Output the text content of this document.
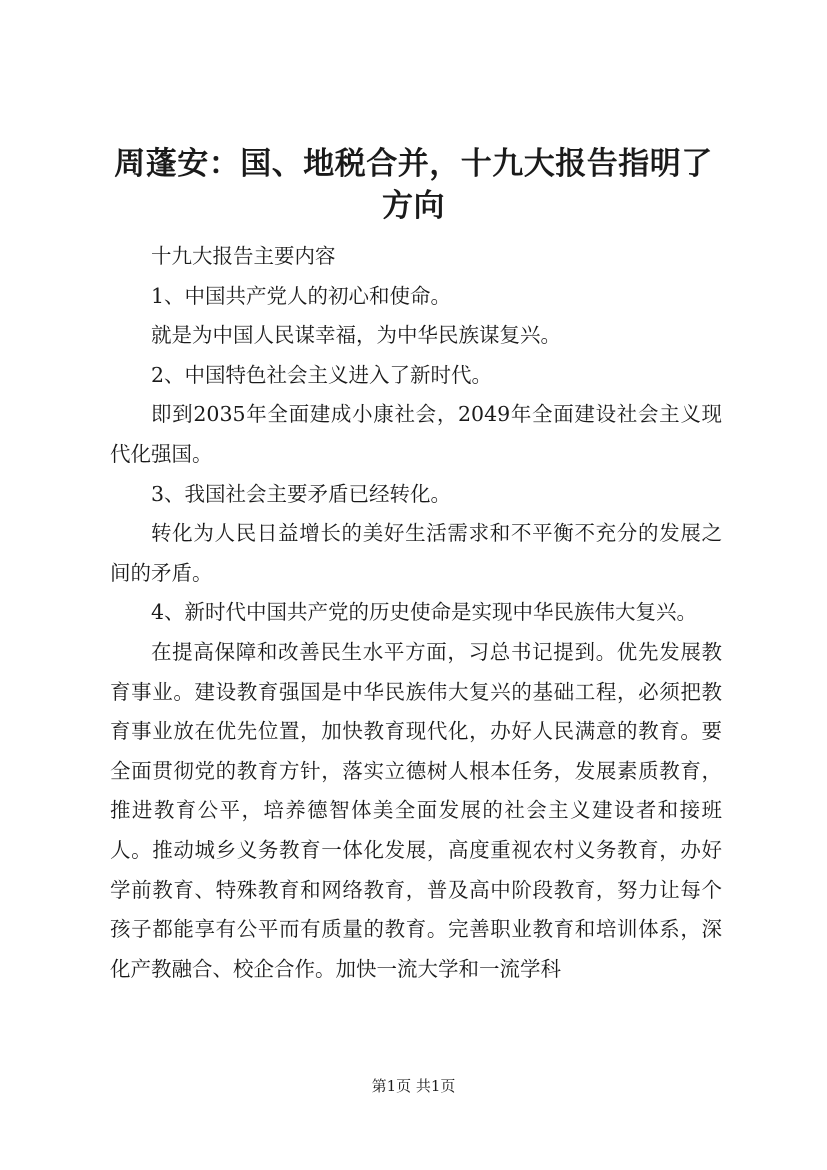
周蓬安：国、地税合并，十九大报告指明了方向

十九大报告主要内容

1、中国共产党人的初心和使命。

就是为中国人民谋幸福，为中华民族谋复兴。

2、中国特色社会主义进入了新时代。

即到2035年全面建成小康社会，2049年全面建设社会主义现代化强国。

3、我国社会主要矛盾已经转化。

转化为人民日益增长的美好生活需求和不平衡不充分的发展之间的矛盾。

4、新时代中国共产党的历史使命是实现中华民族伟大复兴。

在提高保障和改善民生水平方面，习总书记提到。优先发展教育事业。建设教育强国是中华民族伟大复兴的基础工程，必须把教育事业放在优先位置，加快教育现代化，办好人民满意的教育。要全面贯彻党的教育方针，落实立德树人根本任务，发展素质教育，推进教育公平，培养德智体美全面发展的社会主义建设者和接班人。推动城乡义务教育一体化发展，高度重视农村义务教育，办好学前教育、特殊教育和网络教育，普及高中阶段教育，努力让每个孩子都能享有公平而有质量的教育。完善职业教育和培训体系，深化产教融合、校企合作。加快一流大学和一流学科

第1页 共1页
